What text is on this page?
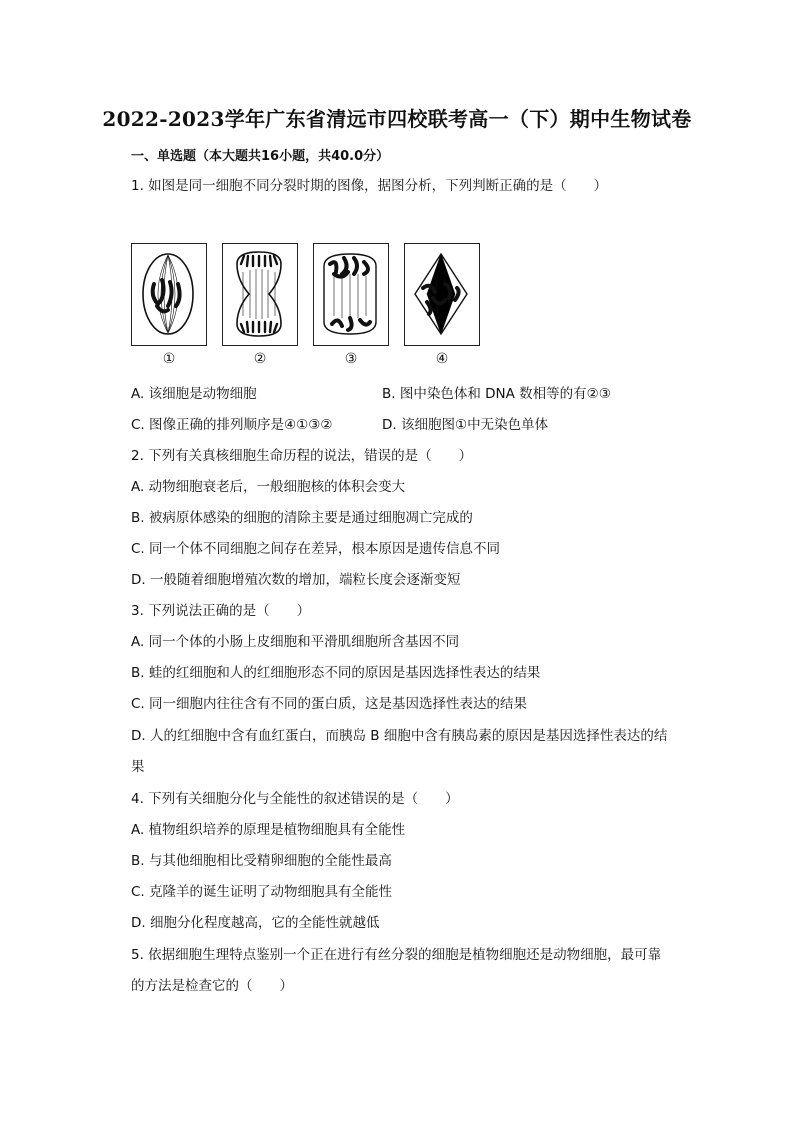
2022-2023学年广东省清远市四校联考高一（下）期中生物试卷
一、单选题（本大题共16小题，共40.0分）
1. 如图是同一细胞不同分裂时期的图像，据图分析，下列判断正确的是（　　）
①	②	③	④
A. 该细胞是动物细胞	B. 图中染色体和 DNA 数相等的有②③
C. 图像正确的排列顺序是④①③②	D. 该细胞图①中无染色单体
2. 下列有关真核细胞生命历程的说法，错误的是（　　）
A. 动物细胞衰老后，一般细胞核的体积会变大
B. 被病原体感染的细胞的清除主要是通过细胞凋亡完成的
C. 同一个体不同细胞之间存在差异，根本原因是遗传信息不同
D. 一般随着细胞增殖次数的增加，端粒长度会逐渐变短
3. 下列说法正确的是（　　）
A. 同一个体的小肠上皮细胞和平滑肌细胞所含基因不同
B. 蛙的红细胞和人的红细胞形态不同的原因是基因选择性表达的结果
C. 同一细胞内往往含有不同的蛋白质，这是基因选择性表达的结果
D. 人的红细胞中含有血红蛋白，而胰岛 B 细胞中含有胰岛素的原因是基因选择性表达的结
果
4. 下列有关细胞分化与全能性的叙述错误的是（　　）
A. 植物组织培养的原理是植物细胞具有全能性
B. 与其他细胞相比受精卵细胞的全能性最高
C. 克隆羊的诞生证明了动物细胞具有全能性
D. 细胞分化程度越高，它的全能性就越低
5. 依据细胞生理特点鉴别一个正在进行有丝分裂的细胞是植物细胞还是动物细胞，最可靠
的方法是检查它的（　　）
